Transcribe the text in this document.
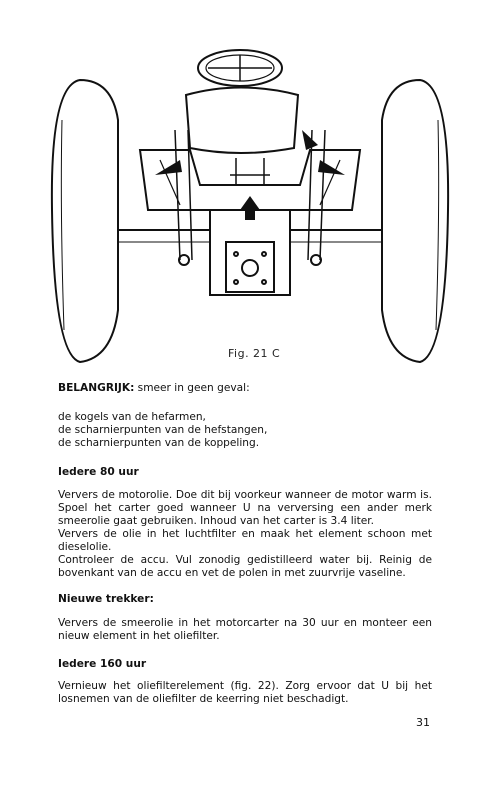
Fig. 21 C

BELANGRIJK: smeer in geen geval:

de kogels van de hefarmen,

de scharnierpunten van de hefstangen,

de scharnierpunten van de koppeling.

Iedere 80 uur

Ververs de motorolie. Doe dit bij voorkeur wanneer de motor warm is. Spoel het carter goed wanneer U na verversing een ander merk smeerolie gaat gebruiken. Inhoud van het carter is 3.4 liter.

Ververs de olie in het luchtfilter en maak het element schoon met dieselolie.

Controleer de accu. Vul zonodig gedistilleerd water bij. Reinig de bovenkant van de accu en vet de polen in met zuurvrije vaseline.

Nieuwe trekker:
Ververs de smeerolie in het motorcarter na 30 uur en monteer een nieuw element in het oliefilter.
Iedere 160 uur
Vernieuw het oliefilterelement (fig. 22). Zorg ervoor dat U bij het losnemen van de oliefilter de keerring niet beschadigt.
31
